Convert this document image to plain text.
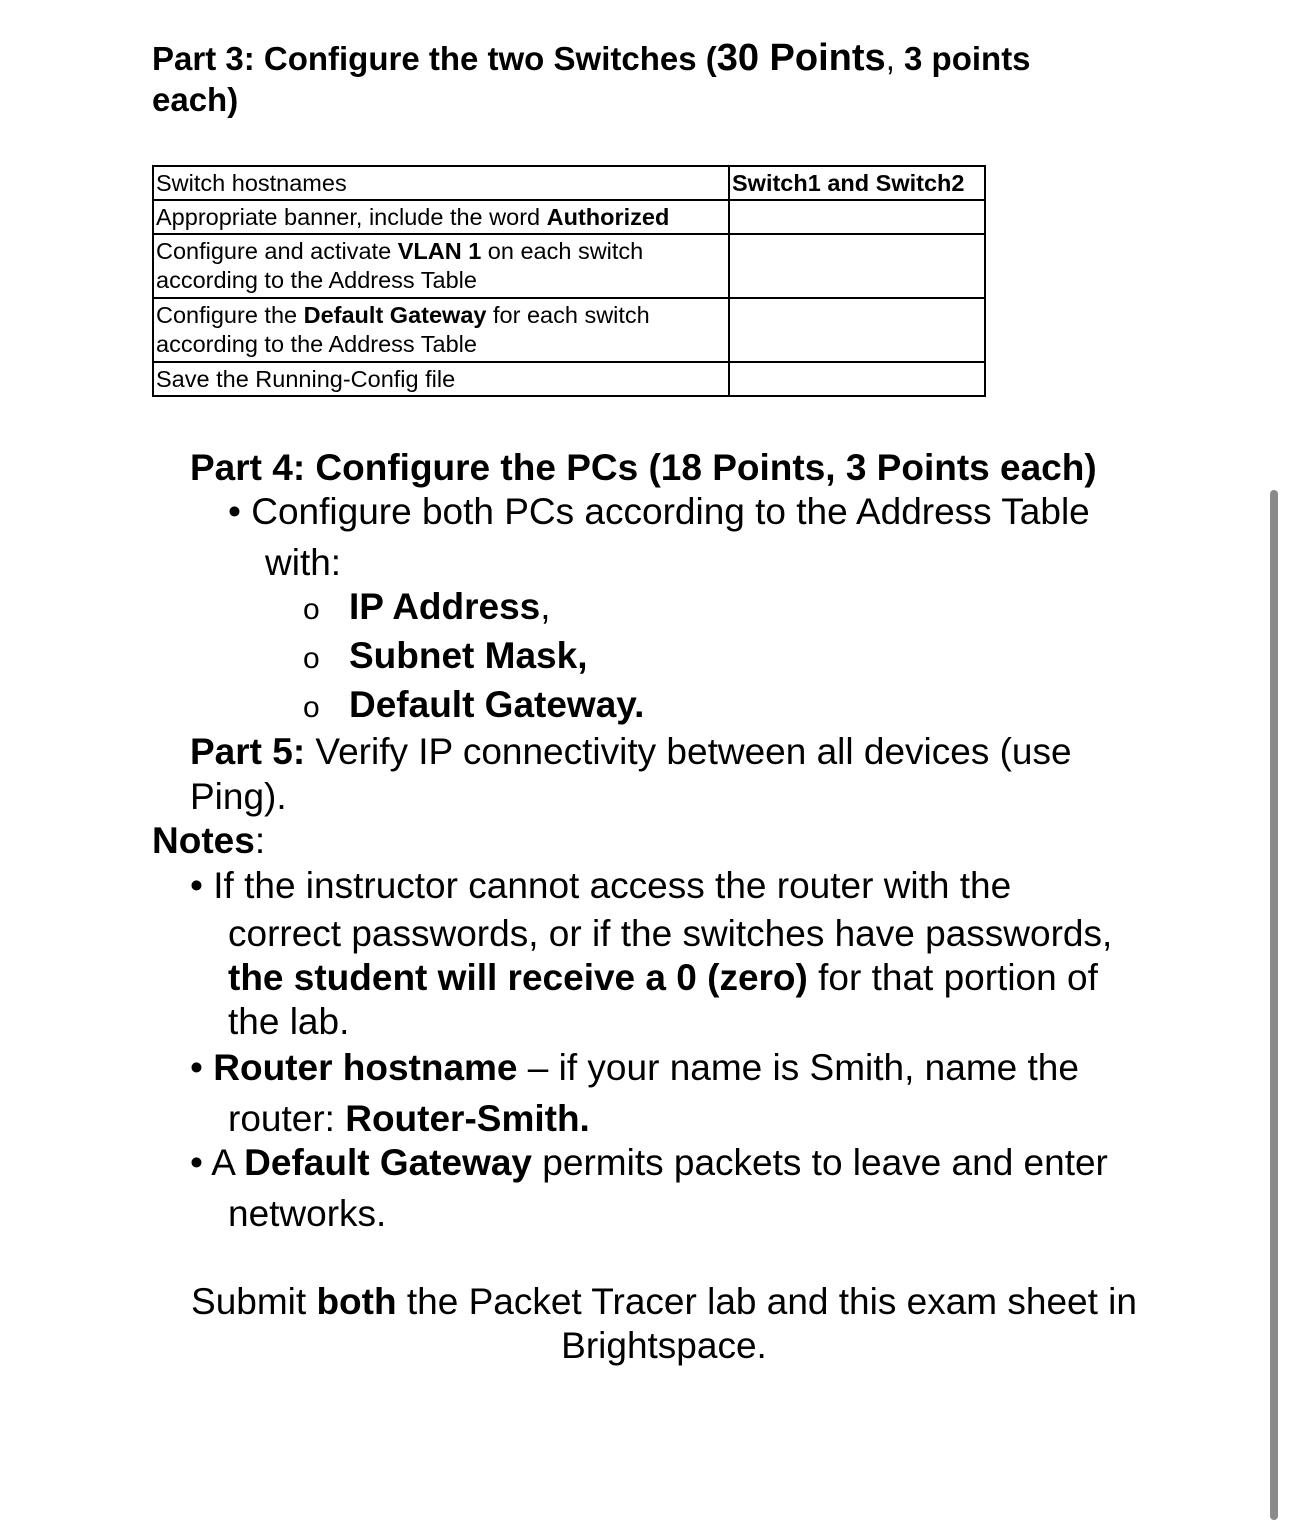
Part 3: Configure the two Switches (30 Points, 3 points each)
Switch hostnames	Switch1 and Switch2
Appropriate banner, include the word Authorized	
Configure and activate VLAN 1 on each switch according to the Address Table	
Configure the Default Gateway for each switch according to the Address Table	
Save the Running-Config file	
Part 4: Configure the PCs (18 Points, 3 Points each)
• Configure both PCs according to the Address Table
with:
o IP Address,
o Subnet Mask,
o Default Gateway.
Part 5: Verify IP connectivity between all devices (use Ping).
Notes:
• If the instructor cannot access the router with the
correct passwords, or if the switches have passwords,
the student will receive a 0 (zero) for that portion of the lab.
• Router hostname – if your name is Smith, name the
router: Router-Smith.
• A Default Gateway permits packets to leave and enter
networks.
Submit both the Packet Tracer lab and this exam sheet in Brightspace.
